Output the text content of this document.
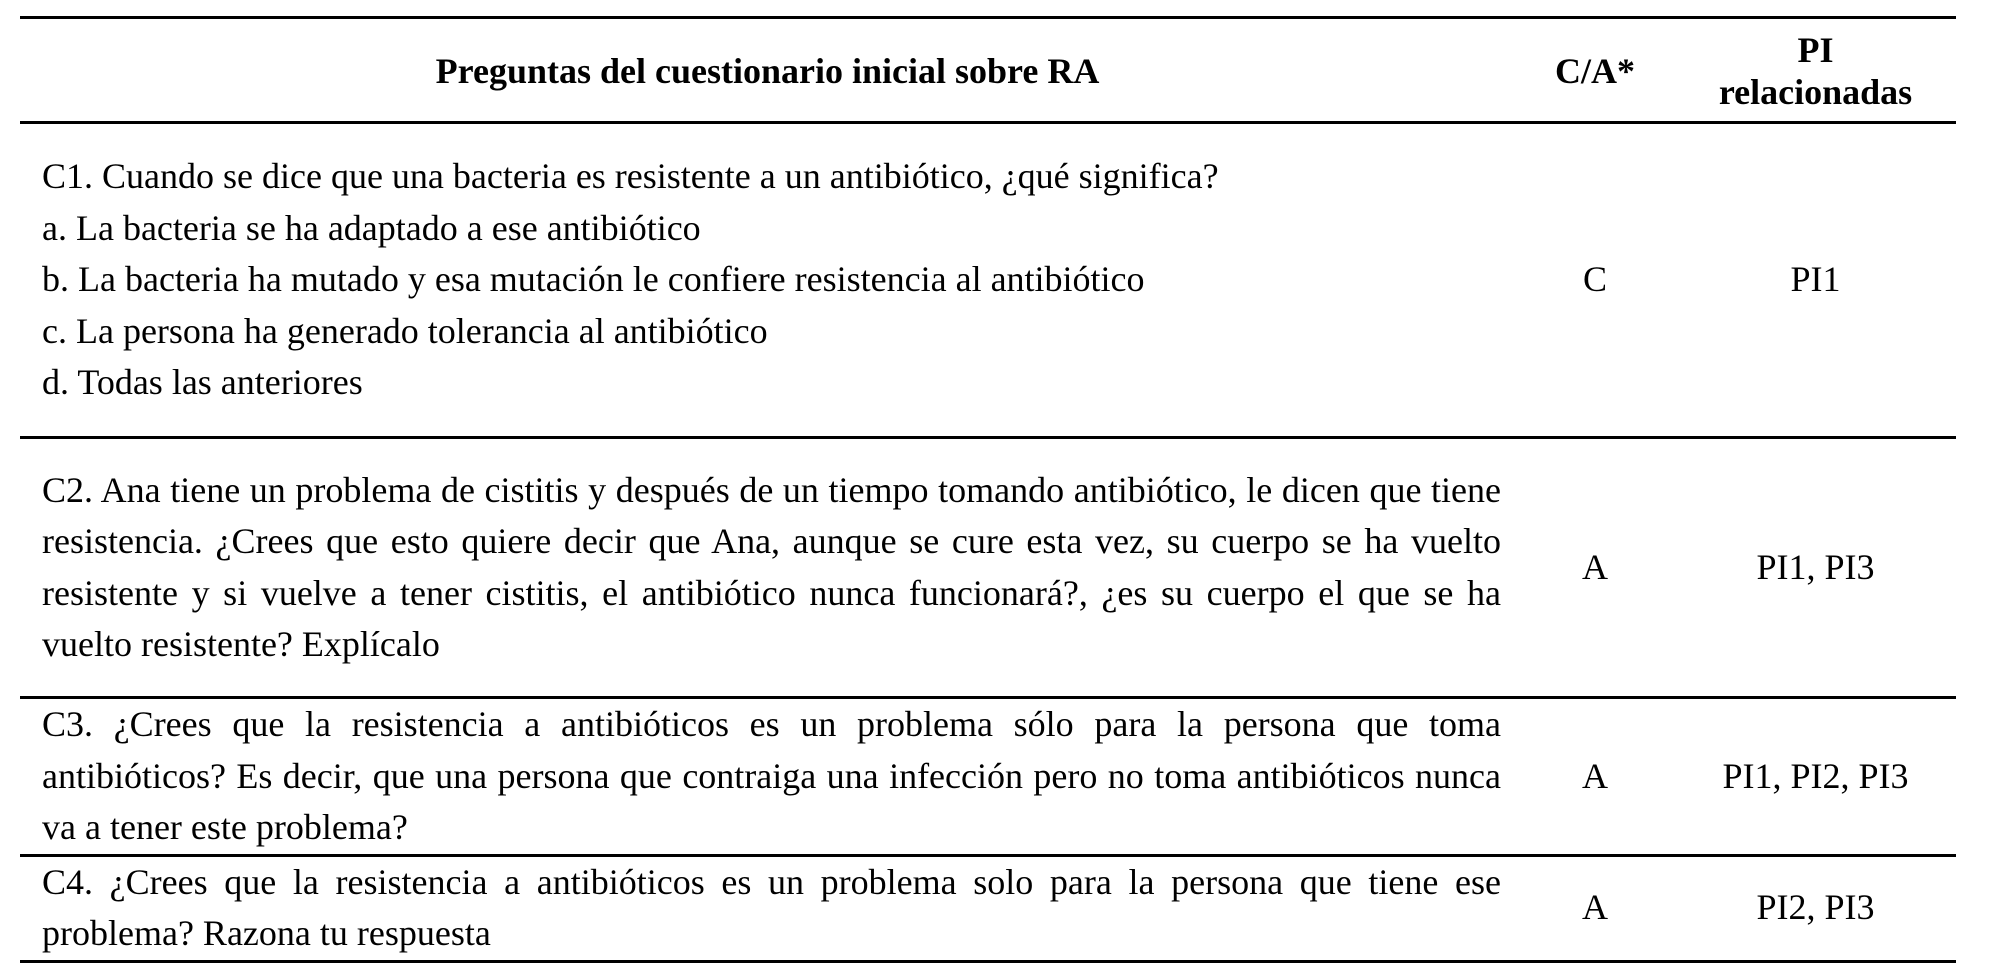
Preguntas del cuestionario inicial sobre RA	C/A*	PI
relacionadas

C1. Cuando se dice que una bacteria es resistente a un antibiótico, ¿qué significa?
a. La bacteria se ha adaptado a ese antibiótico
b. La bacteria ha mutado y esa mutación le confiere resistencia al antibiótico
c. La persona ha generado tolerancia al antibiótico
d. Todas las anteriores	C	PI1

C2. Ana tiene un problema de cistitis y después de un tiempo tomando antibiótico, le dicen que tiene resistencia. ¿Crees que esto quiere decir que Ana, aunque se cure esta vez, su cuerpo se ha vuelto resistente y si vuelve a tener cistitis, el antibiótico nunca funcionará?, ¿es su cuerpo el que se ha vuelto resistente? Explícalo	A	PI1, PI3

C3. ¿Crees que la resistencia a antibióticos es un problema sólo para la persona que toma antibióticos? Es decir, que una persona que contraiga una infección pero no toma antibióticos nunca va a tener este problema?	A	PI1, PI2, PI3

C4. ¿Crees que la resistencia a antibióticos es un problema solo para la persona que tiene ese problema? Razona tu respuesta	A	PI2, PI3
